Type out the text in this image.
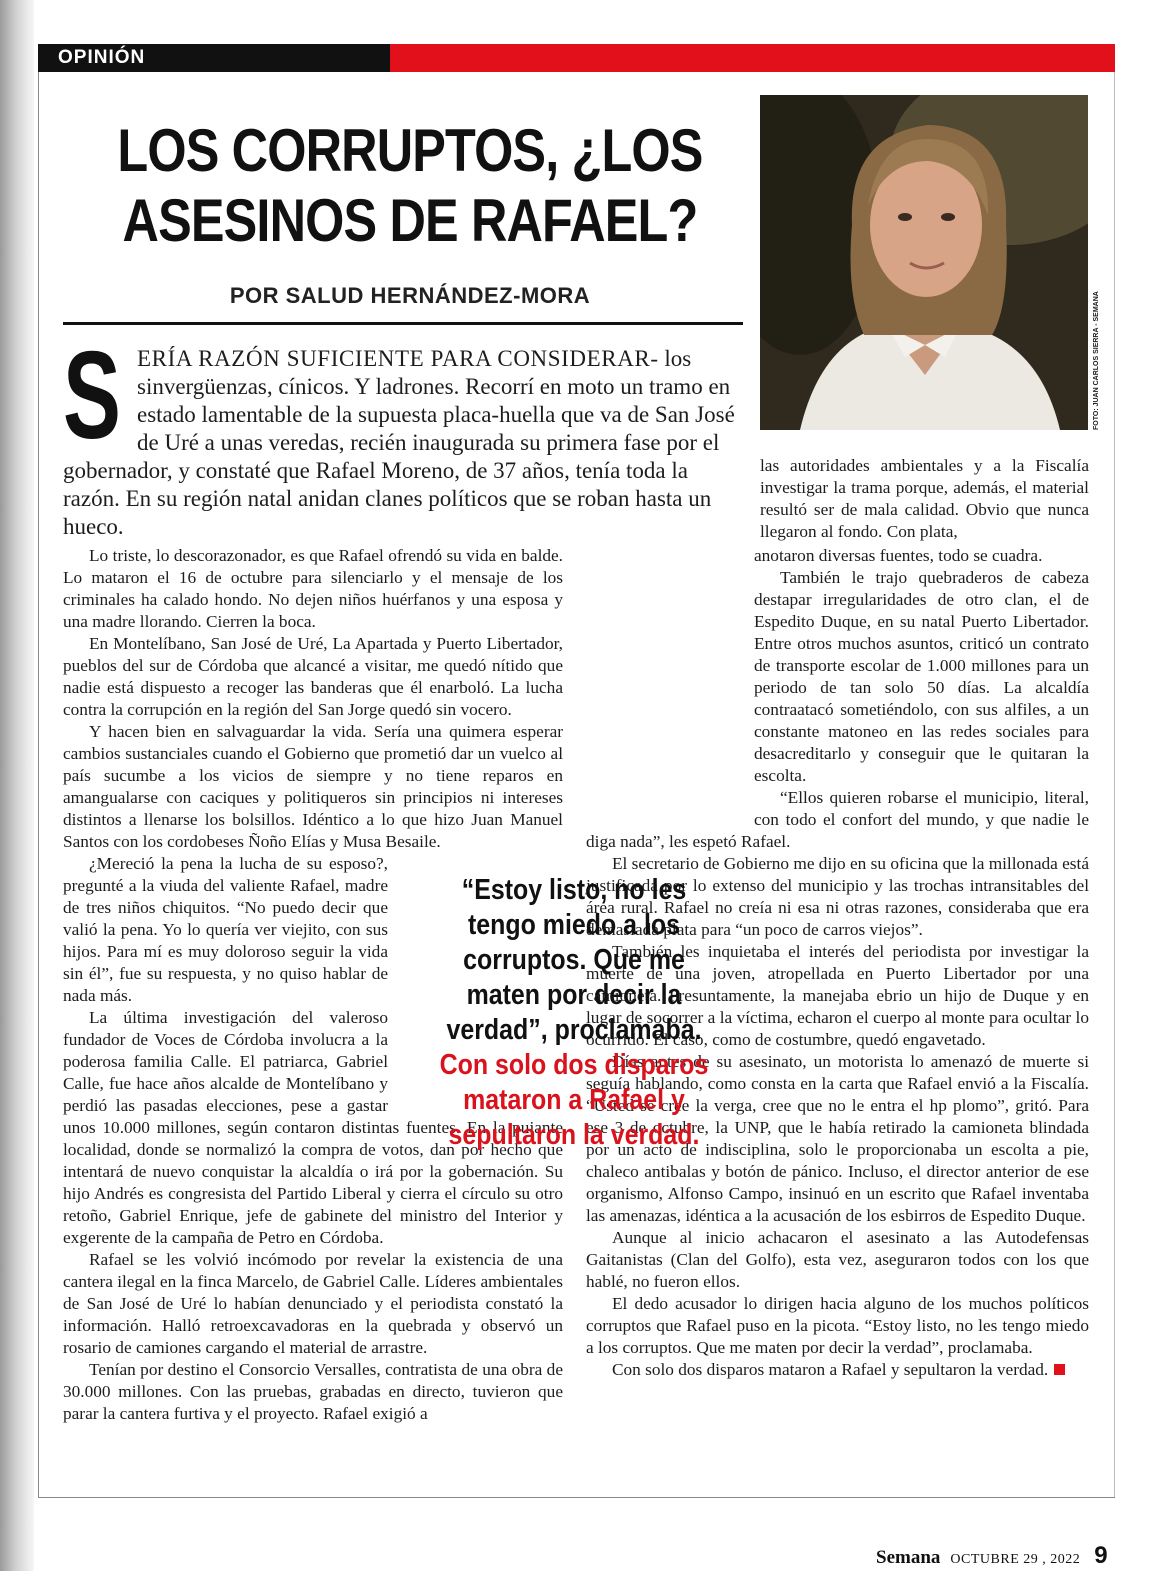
OPINIÓN
LOS CORRUPTOS, ¿LOS ASESINOS DE RAFAEL?
POR SALUD HERNÁNDEZ-MORA	FOTO: JUAN CARLOS SIERRA - SEMANA
S ERÍA RAZÓN SUFICIENTE PARA CONSIDERAR- los sinvergüenzas, cínicos. Y ladrones. Recorrí en moto un tramo en estado lamentable de la supuesta placa-huella que va de San José de Uré a unas veredas, recién inaugurada su primera fase por el gobernador, y constaté que Rafael Moreno, de 37 años, tenía toda la razón. En su región natal anidan clanes políticos que se roban hasta un hueco.

Lo triste, lo descorazonador, es que Rafael ofrendó su vida en balde. Lo mataron el 16 de octubre para silenciarlo y el mensaje de los criminales ha calado hondo. No dejen niños huérfanos y una esposa y una madre llorando. Cierren la boca.

En Montelíbano, San José de Uré, La Apartada y Puerto Libertador, pueblos del sur de Córdoba que alcancé a visitar, me quedó nítido que nadie está dispuesto a recoger las banderas que él enarboló. La lucha contra la corrupción en la región del San Jorge quedó sin vocero.

Y hacen bien en salvaguardar la vida. Sería una quimera esperar cambios sustanciales cuando el Gobierno que prometió dar un vuelco al país sucumbe a los vicios de siempre y no tiene reparos en amangualarse con caciques y politiqueros sin principios ni intereses distintos a llenarse los bolsillos. Idéntico a lo que hizo Juan Manuel Santos con los cordobeses Ñoño Elías y Musa Besaile.

¿Mereció la pena la lucha de su esposo?, pregunté a la viuda del valiente Rafael, madre de tres niños chiquitos. “No puedo decir que valió la pena. Yo lo quería ver viejito, con sus hijos. Para mí es muy doloroso seguir la vida sin él”, fue su respuesta, y no quiso hablar de nada más.

La última investigación del valeroso fundador de Voces de Córdoba involucra a la poderosa familia Calle. El patriarca, Gabriel Calle, fue hace años alcalde de Montelíbano y perdió las pasadas elecciones, pese a gastar unos 10.000 millones, según contaron distintas fuentes. En la pujante localidad, donde se normalizó la compra de votos, dan por hecho que intentará de nuevo conquistar la alcaldía o irá por la gobernación. Su hijo Andrés es congresista del Partido Liberal y cierra el círculo su otro retoño, Gabriel Enrique, jefe de gabinete del ministro del Interior y exgerente de la campaña de Petro en Córdoba.

Rafael se les volvió incómodo por revelar la existencia de una cantera ilegal en la finca Marcelo, de Gabriel Calle. Líderes ambientales de San José de Uré lo habían denunciado y el periodista constató la información. Halló retroexcavadoras en la quebrada y observó un rosario de camiones cargando el material de arrastre.

Tenían por destino el Consorcio Versalles, contratista de una obra de 30.000 millones. Con las pruebas, grabadas en directo, tuvieron que parar la cantera furtiva y el proyecto. Rafael exigió a

las autoridades ambientales y a la Fiscalía investigar la trama porque, además, el material resultó ser de mala calidad. Obvio que nunca llegaron al fondo. Con plata,

anotaron diversas fuentes, todo se cuadra.

También le trajo quebraderos de cabeza destapar irregularidades de otro clan, el de Espedito Duque, en su natal Puerto Libertador. Entre otros muchos asuntos, criticó un contrato de transporte escolar de 1.000 millones para un periodo de tan solo 50 días. La alcaldía contraatacó sometiéndolo, con sus alfiles, a un constante matoneo en las redes sociales para desacreditarlo y conseguir que le quitaran la escolta.

“Ellos quieren robarse el municipio, literal, con todo el confort del mundo, y que nadie le diga nada”, les espetó Rafael.

El secretario de Gobierno me dijo en su oficina que la millonada está justificada por lo extenso del municipio y las trochas intransitables del área rural. Rafael no creía ni esa ni otras razones, consideraba que era demasiada plata para “un poco de carros viejos”.

También les inquietaba el interés del periodista por investigar la muerte de una joven, atropellada en Puerto Libertador por una camioneta. Presuntamente, la manejaba ebrio un hijo de Duque y en lugar de socorrer a la víctima, echaron el cuerpo al monte para ocultar lo ocurrido. El caso, como de costumbre, quedó engavetado.

Días antes de su asesinato, un motorista lo amenazó de muerte si seguía hablando, como consta en la carta que Rafael envió a la Fiscalía. “Usted se cree la verga, cree que no le entra el hp plomo”, gritó. Para ese 3 de octubre, la UNP, que le había retirado la camioneta blindada por un acto de indisciplina, solo le proporcionaba un escolta a pie, chaleco antibalas y botón de pánico. Incluso, el director anterior de ese organismo, Alfonso Campo, insinuó en un escrito que Rafael inventaba las amenazas, idéntica a la acusación de los esbirros de Espedito Duque.

Aunque al inicio achacaron el asesinato a las Autodefensas Gaitanistas (Clan del Golfo), esta vez, aseguraron todos con los que hablé, no fueron ellos.

El dedo acusador lo dirigen hacia alguno de los muchos políticos corruptos que Rafael puso en la picota. “Estoy listo, no les tengo miedo a los corruptos. Que me maten por decir la verdad”, proclamaba.

Con solo dos disparos mataron a Rafael y sepultaron la verdad.

“Estoy listo, no les tengo miedo a los corruptos. Que me maten por decir la verdad”, proclamaba.
Con solo dos disparos mataron a Rafael y sepultaron la verdad.
Semana OCTUBRE 29 , 2022 9
